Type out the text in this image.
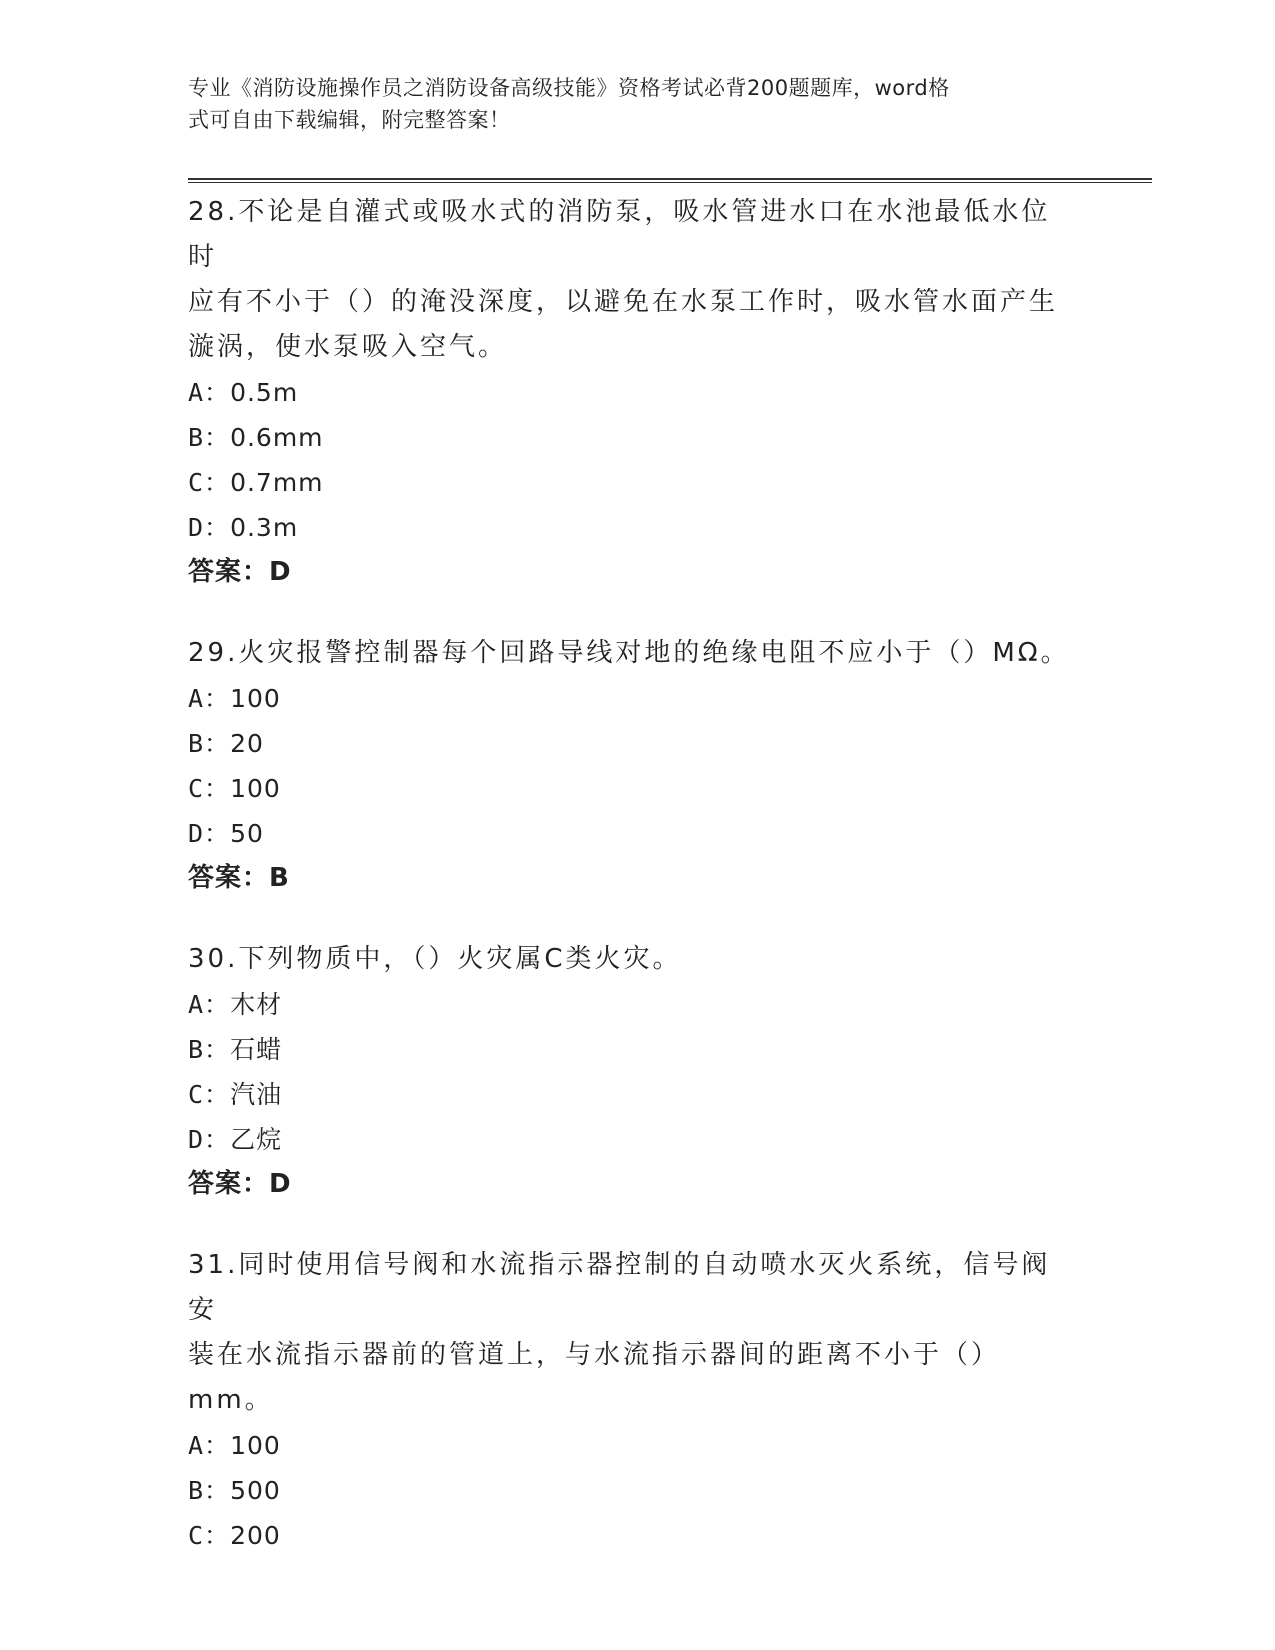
专业《消防设施操作员之消防设备高级技能》资格考试必背200题题库，word格
式可自由下载编辑，附完整答案！
28.不论是自灌式或吸水式的消防泵，吸水管进水口在水池最低水位时
应有不小于（）的淹没深度，以避免在水泵工作时，吸水管水面产生
漩涡，使水泵吸入空气。
A：0.5m
B：0.6mm
C：0.7mm
D：0.3m
答案：D
29.火灾报警控制器每个回路导线对地的绝缘电阻不应小于（）MΩ。
A：100
B：20
C：100
D：50
答案：B
30.下列物质中，（）火灾属C类火灾。
A：木材
B：石蜡
C：汽油
D：乙烷
答案：D
31.同时使用信号阀和水流指示器控制的自动喷水灭火系统，信号阀安
装在水流指示器前的管道上，与水流指示器间的距离不小于（）mm。
A：100
B：500
C：200
